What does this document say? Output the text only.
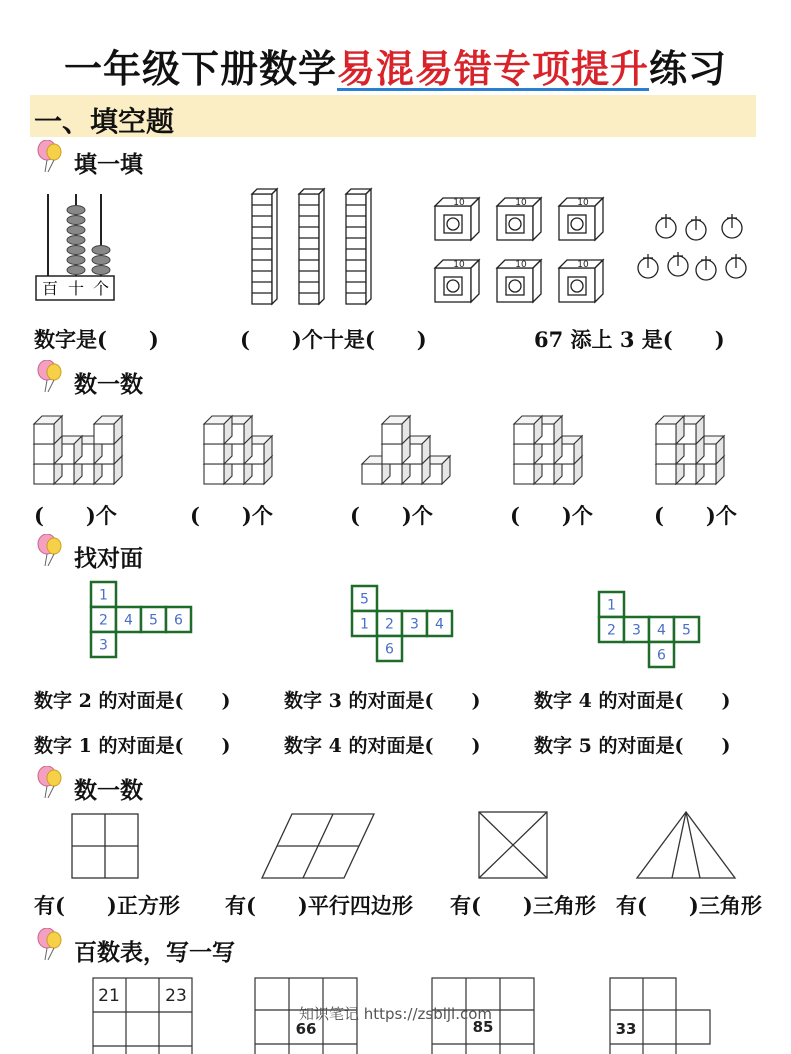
一年级下册数学易混易错专项提升练习
一、填空题
填一填
百 十 个
10	10	10
10	10	10
数字是(　　)	(　　)个十是(　　)	67 添上 3 是(　　)
数一数
(　　)个	(　　)个	(　　)个	(　　)个	(　　)个
找对面
1
2 4 5 6
3
5
1 2 3 4
6
1
2 3 4 5
6
数字 2 的对面是(　　)	数字 3 的对面是(　　)	数字 4 的对面是(　　)
数字 1 的对面是(　　)	数字 4 的对面是(　　)	数字 5 的对面是(　　)
数一数
有(　　)正方形 有(　　)平行四边形 有(　　)三角形 有(　　)三角形
百数表，写一写
21	23
66	85	33
知识笔记 https://zsbiji.com
